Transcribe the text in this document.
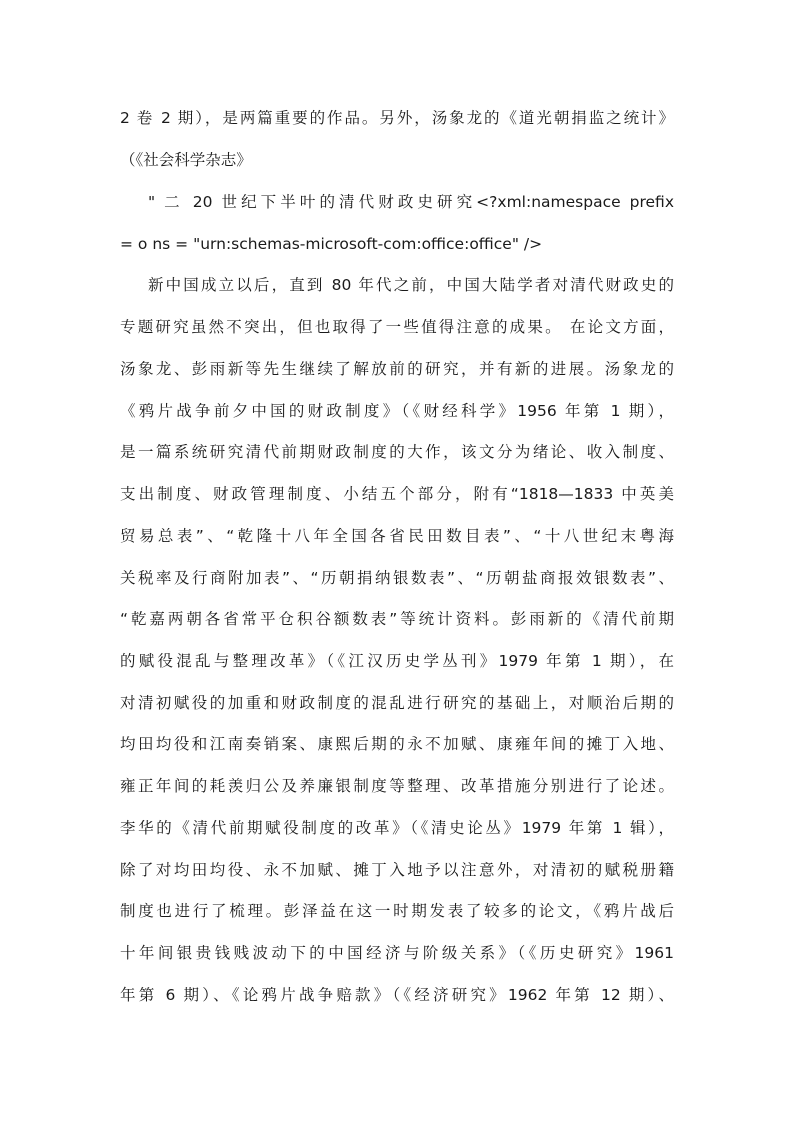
2 卷 2 期），是两篇重要的作品。另外，汤象龙的《道光朝捐监之统计》
（《社会科学杂志》
" 二 20 世纪下半叶的清代财政史研究<?xml:namespace prefix
= o ns = "urn:schemas-microsoft-com:office:office" />
新中国成立以后，直到 80 年代之前，中国大陆学者对清代财政史的
专题研究虽然不突出，但也取得了一些值得注意的成果。 在论文方面，
汤象龙、彭雨新等先生继续了解放前的研究，并有新的进展。汤象龙的
《鸦片战争前夕中国的财政制度》（《财经科学》1956 年第 1 期），
是一篇系统研究清代前期财政制度的大作，该文分为绪论、收入制度、
支出制度、财政管理制度、小结五个部分，附有“1818—1833 中英美
贸易总表”、“乾隆十八年全国各省民田数目表”、“十八世纪末粤海
关税率及行商附加表”、“历朝捐纳银数表”、“历朝盐商报效银数表”、
“乾嘉两朝各省常平仓积谷额数表”等统计资料。彭雨新的《清代前期
的赋役混乱与整理改革》（《江汉历史学丛刊》1979 年第 1 期），在
对清初赋役的加重和财政制度的混乱进行研究的基础上，对顺治后期的
均田均役和江南奏销案、康熙后期的永不加赋、康雍年间的摊丁入地、
雍正年间的耗羡归公及养廉银制度等整理、改革措施分别进行了论述。
李华的《清代前期赋役制度的改革》（《清史论丛》1979 年第 1 辑），
除了对均田均役、永不加赋、摊丁入地予以注意外，对清初的赋税册籍
制度也进行了梳理。彭泽益在这一时期发表了较多的论文，《鸦片战后
十年间银贵钱贱波动下的中国经济与阶级关系》（《历史研究》1961
年第 6 期）、《论鸦片战争赔款》（《经济研究》1962 年第 12 期）、
